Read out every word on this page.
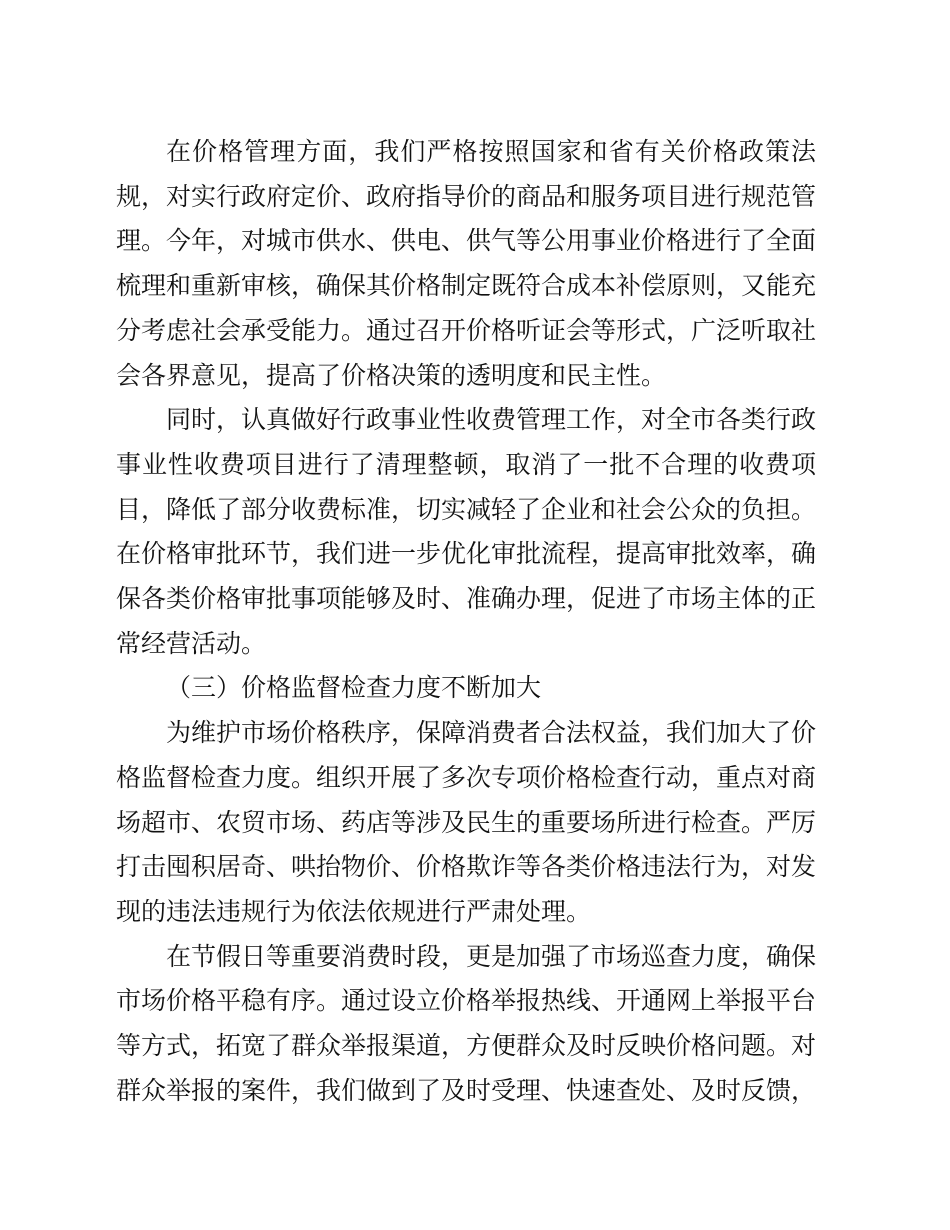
在价格管理方面，我们严格按照国家和省有关价格政策法规，对实行政府定价、政府指导价的商品和服务项目进行规范管理。今年，对城市供水、供电、供气等公用事业价格进行了全面梳理和重新审核，确保其价格制定既符合成本补偿原则，又能充分考虑社会承受能力。通过召开价格听证会等形式，广泛听取社会各界意见，提高了价格决策的透明度和民主性。

同时，认真做好行政事业性收费管理工作，对全市各类行政事业性收费项目进行了清理整顿，取消了一批不合理的收费项目，降低了部分收费标准，切实减轻了企业和社会公众的负担。在价格审批环节，我们进一步优化审批流程，提高审批效率，确保各类价格审批事项能够及时、准确办理，促进了市场主体的正常经营活动。

（三）价格监督检查力度不断加大

为维护市场价格秩序，保障消费者合法权益，我们加大了价格监督检查力度。组织开展了多次专项价格检查行动，重点对商场超市、农贸市场、药店等涉及民生的重要场所进行检查。严厉打击囤积居奇、哄抬物价、价格欺诈等各类价格违法行为，对发现的违法违规行为依法依规进行严肃处理。

在节假日等重要消费时段，更是加强了市场巡查力度，确保市场价格平稳有序。通过设立价格举报热线、开通网上举报平台等方式，拓宽了群众举报渠道，方便群众及时反映价格问题。对群众举报的案件，我们做到了及时受理、快速查处、及时反馈，
